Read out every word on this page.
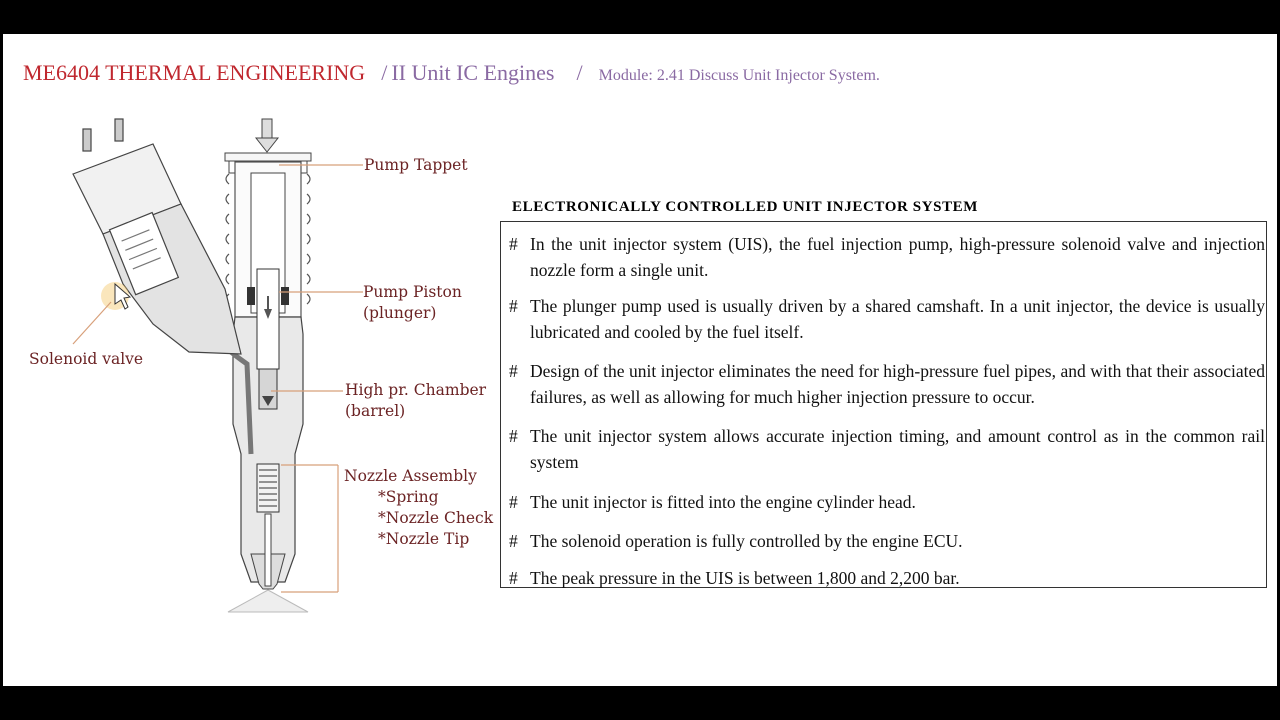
ME6404 THERMAL ENGINEERING / II Unit IC Engines / Module: 2.41 Discuss Unit Injector System.
Pump Tappet
Pump Piston
(plunger)
Solenoid valve
High pr. Chamber
(barrel)
Nozzle Assembly
*Spring
*Nozzle Check
*Nozzle Tip
ELECTRONICALLY CONTROLLED UNIT INJECTOR SYSTEM
# In the unit injector system (UIS), the fuel injection pump, high-pressure solenoid valve and injection nozzle form a single unit.
# The plunger pump used is usually driven by a shared camshaft. In a unit injector, the device is usually lubricated and cooled by the fuel itself.
# Design of the unit injector eliminates the need for high-pressure fuel pipes, and with that their associated failures, as well as allowing for much higher injection pressure to occur.
# The unit injector system allows accurate injection timing, and amount control as in the common rail system
# The unit injector is fitted into the engine cylinder head.
# The solenoid operation is fully controlled by the engine ECU.
# The peak pressure in the UIS is between 1,800 and 2,200 bar.
